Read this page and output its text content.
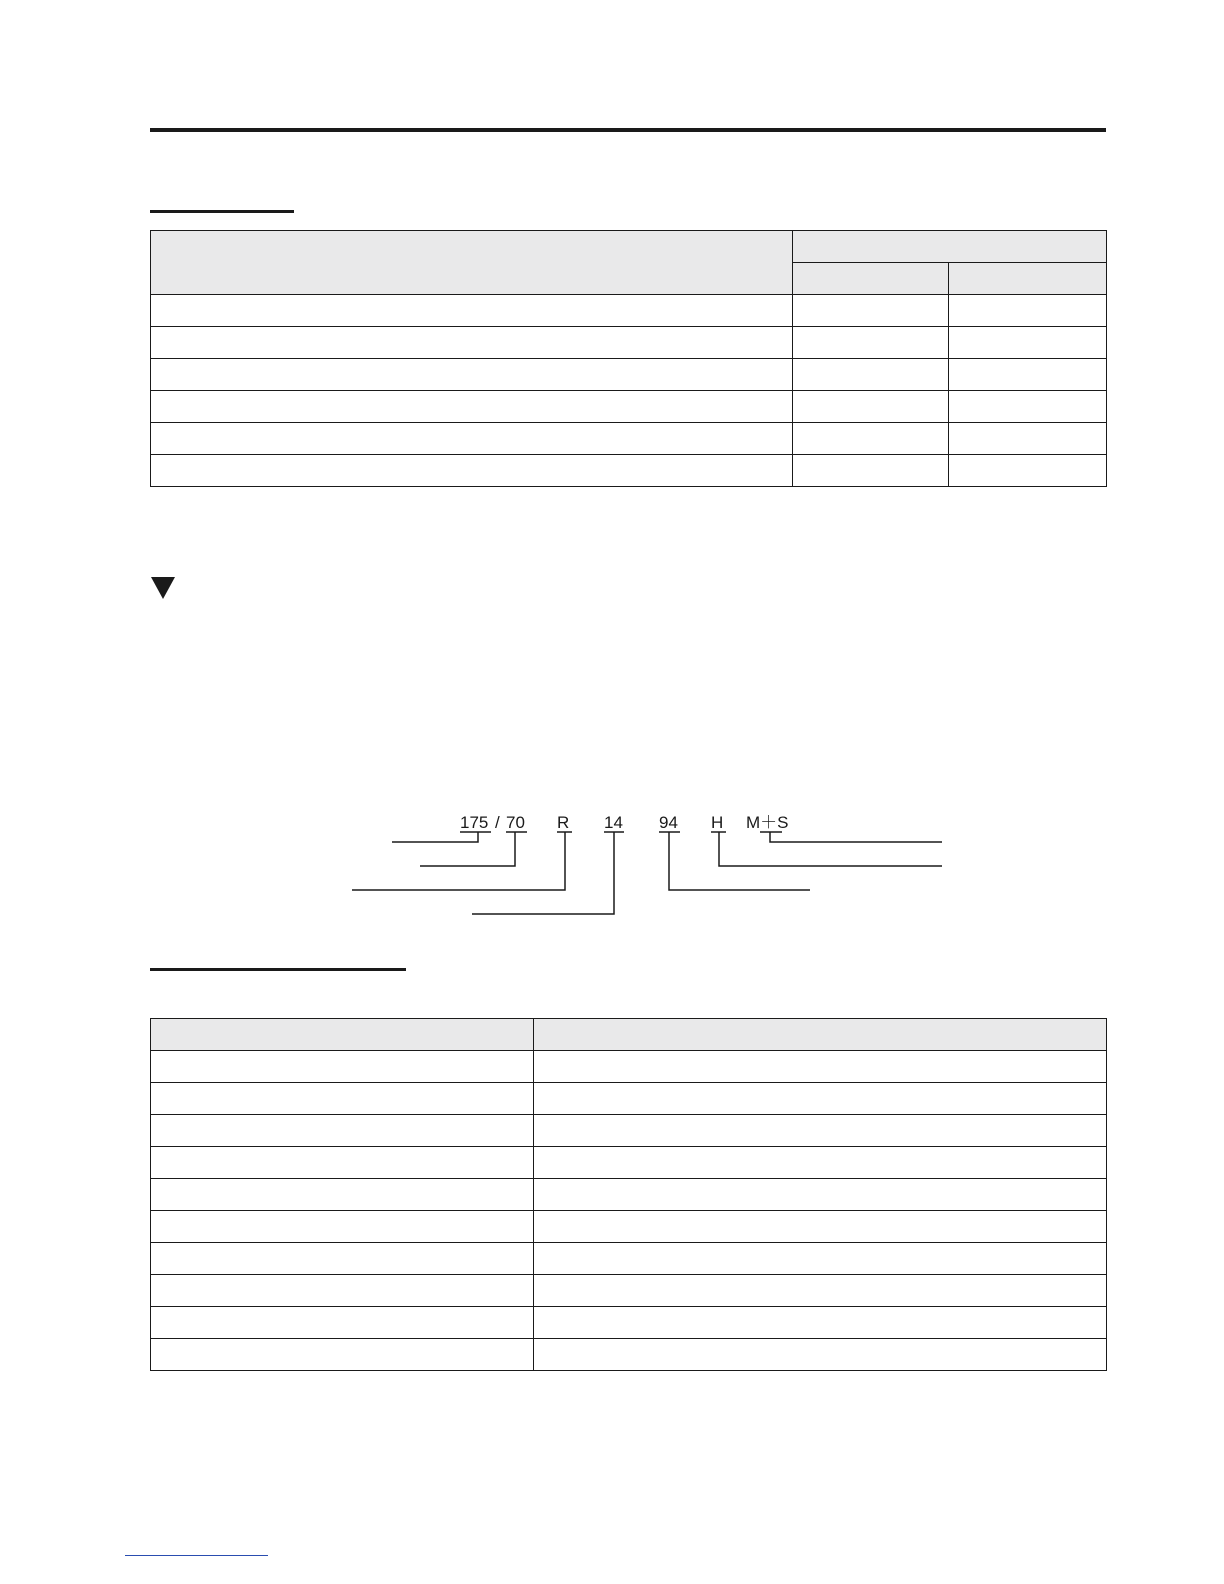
175 / 70 R 14 94 H M＋S
